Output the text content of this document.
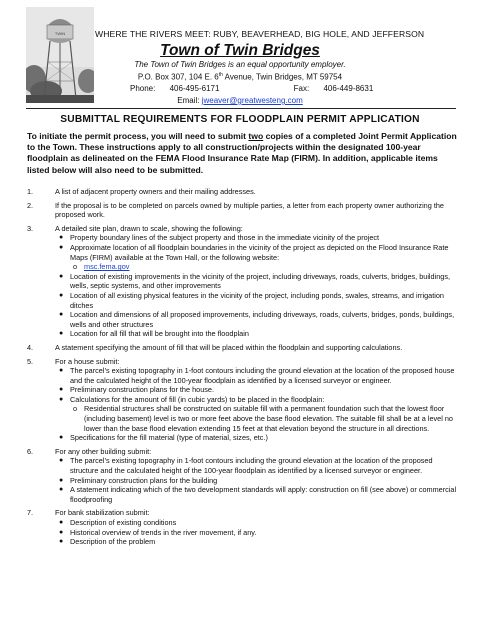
TWIN	WHERE THE RIVERS MEET: RUBY, BEAVERHEAD, BIG HOLE, AND JEFFERSON
Town of Twin Bridges
The Town of Twin Bridges is an equal opportunity employer.
P.O. Box 307, 104 E. 6th Avenue, Twin Bridges, MT 59754
Phone: 406-495-6171	Fax: 406-449-8631
Email: jweaver@greatwesteng.com
SUBMITTAL REQUIREMENTS FOR FLOODPLAIN PERMIT APPLICATION
To initiate the permit process, you will need to submit two copies of a completed Joint Permit Application to the Town. These instructions apply to all construction/projects within the designated 100-year floodplain as delineated on the FEMA Flood Insurance Rate Map (FIRM). In addition, applicable items listed below will also need to be submitted.
1.	A list of adjacent property owners and their mailing addresses.
2.	If the proposal is to be completed on parcels owned by multiple parties, a letter from each property owner authorizing the proposed work.
3.	A detailed site plan, drawn to scale, showing the following:
● Property boundary lines of the subject property and those in the immediate vicinity of the project
● Approximate location of all floodplain boundaries in the vicinity of the project as depicted on the Flood Insurance Rate Maps (FIRM) available at the Town Hall, or the following website:
o msc.fema.gov
● Location of existing improvements in the vicinity of the project, including driveways, roads, culverts, bridges, buildings, wells, septic systems, and other improvements
● Location of all existing physical features in the vicinity of the project, including ponds, swales, streams, and irrigation ditches
● Location and dimensions of all proposed improvements, including driveways, roads, culverts, bridges, ponds, buildings, wells and other structures
● Location for all fill that will be brought into the floodplain
4.	A statement specifying the amount of fill that will be placed within the floodplain and supporting calculations.
5.	For a house submit:
● The parcel’s existing topography in 1-foot contours including the ground elevation at the location of the proposed house and the calculated height of the 100-year floodplain as identified by a licensed surveyor or engineer.
● Preliminary construction plans for the house.
● Calculations for the amount of fill (in cubic yards) to be placed in the floodplain:
o Residential structures shall be constructed on suitable fill with a permanent foundation such that the lowest floor (including basement) level is two or more feet above the base flood elevation. The suitable fill shall be at a level no lower than the base flood elevation extending 15 feet at that elevation beyond the structure in all directions.
● Specifications for the fill material (type of material, sizes, etc.)
6.	For any other building submit:
● The parcel’s existing topography in 1-foot contours including the ground elevation at the location of the proposed structure and the calculated height of the 100-year floodplain as identified by a licensed surveyor or engineer.
● Preliminary construction plans for the building
● A statement indicating which of the two development standards will apply: construction on fill (see above) or commercial floodproofing
7.	For bank stabilization submit:
● Description of existing conditions
● Historical overview of trends in the river movement, if any.
● Description of the problem
